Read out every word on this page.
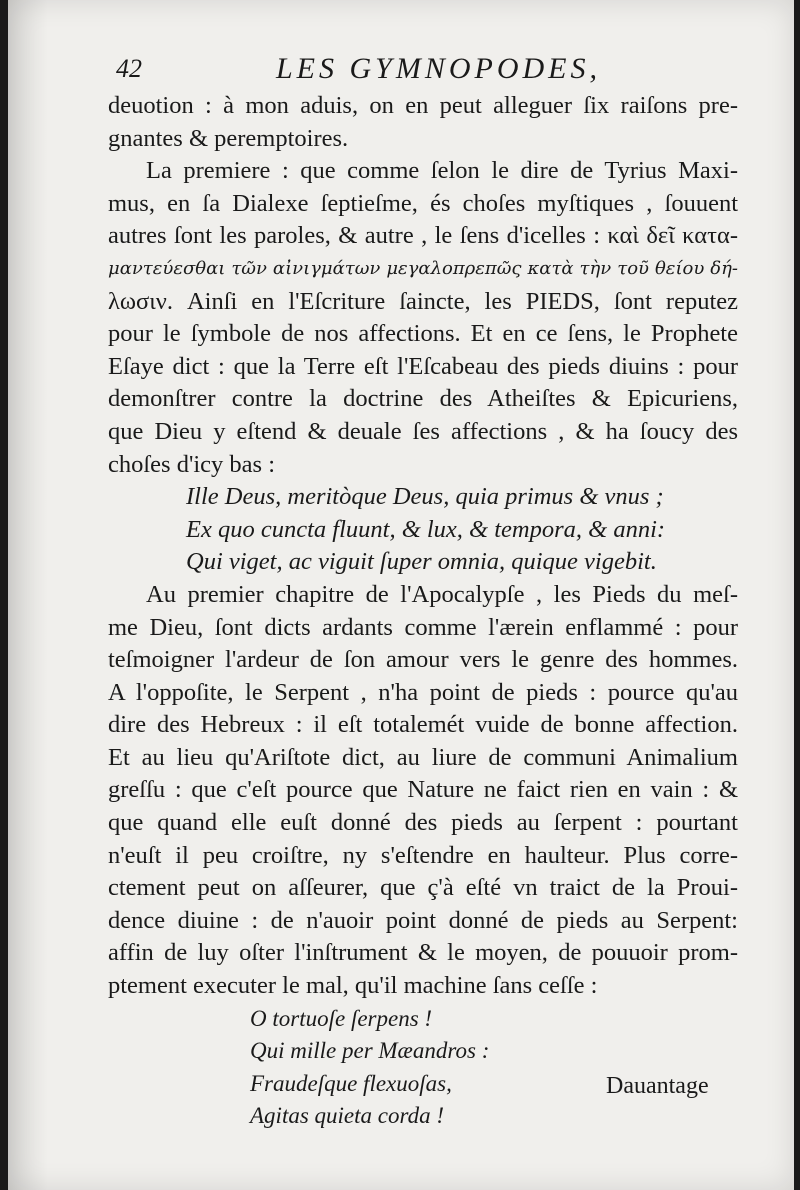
42	LES GYMNOPODES,
deuotion : à mon aduis, on en peut alleguer ſix raiſons pre-
gnantes & peremptoires.
La premiere : que comme ſelon le dire de Tyrius Maxi-
mus, en ſa Dialexe ſeptieſme, és choſes myſtiques , ſouuent
autres ſont les paroles, & autre , le ſens d'icelles : καὶ δεῖ κατα-
μαντεύεσθαι τῶν αἰνιγμάτων μεγαλοπρεπῶς κατὰ τὴν τοῦ θείου δή-
λωσιν. Ainſi en l'Eſcriture ſaincte, les PIEDS, ſont reputez
pour le ſymbole de nos affections. Et en ce ſens, le Prophete
Eſaye dict : que la Terre eſt l'Eſcabeau des pieds diuins : pour
demonſtrer contre la doctrine des Atheiſtes & Epicuriens,
que Dieu y eſtend & deuale ſes affections , & ha ſoucy des
choſes d'icy bas :
Ille Deus, meritòque Deus, quia primus & vnus ;
Ex quo cuncta fluunt, & lux, & tempora, & anni:
Qui viget, ac viguit ſuper omnia, quique vigebit.
Au premier chapitre de l'Apocalypſe , les Pieds du meſ-
me Dieu, ſont dicts ardants comme l'ærein enflammé : pour
teſmoigner l'ardeur de ſon amour vers le genre des hommes.
A l'oppoſite, le Serpent , n'ha point de pieds : pource qu'au
dire des Hebreux : il eſt totalemét vuide de bonne affection.
Et au lieu qu'Ariſtote dict, au liure de communi Animalium
greſſu : que c'eſt pource que Nature ne faict rien en vain : &
que quand elle euſt donné des pieds au ſerpent : pourtant
n'euſt il peu croiſtre, ny s'eſtendre en haulteur. Plus corre-
ctement peut on aſſeurer, que ç'à eſté vn traict de la Proui-
dence diuine : de n'auoir point donné de pieds au Serpent:
affin de luy oſter l'inſtrument & le moyen, de pouuoir prom-
ptement executer le mal, qu'il machine ſans ceſſe :
O tortuoſe ſerpens !
Qui mille per Mæandros :
Fraudeſque flexuoſas,
Agitas quieta corda !
Dauantage
